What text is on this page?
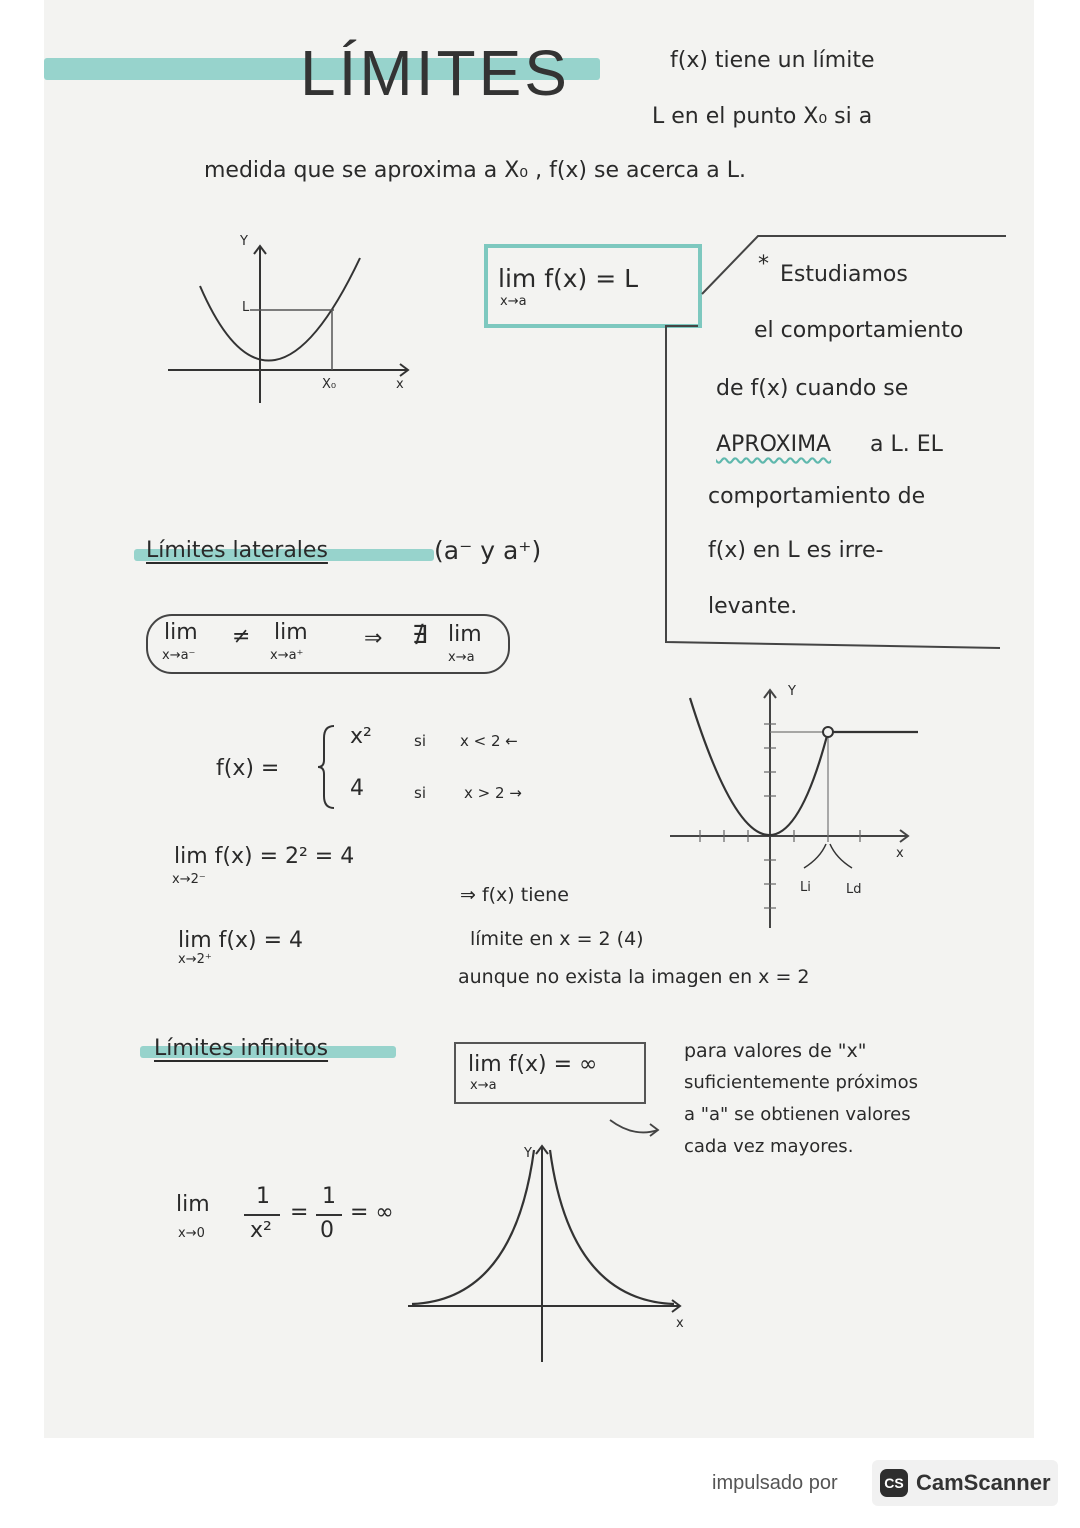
LÍMITES	f(x) tiene un límite
L en el punto X₀ si a
medida que se aproxima a X₀ , f(x) se acerca a L.
Y
L
X₀	x
lim f(x) = L
x→a
* Estudiamos
el comportamiento
de f(x) cuando se
APROXIMA a L. EL
comportamiento de
f(x) en L es irre-
levante.
Límites laterales	(a⁻ y a⁺)
lim
x→a⁻
≠ lim
x→a⁺
⇒ ∄ lim
x→a
f(x) =
x²	si x < 2 ←
4	si	x > 2 →
lim f(x) = 2² = 4
x→2⁻
lim f(x) = 4
x→2⁺
⇒ f(x) tiene
límite en x = 2 (4)
aunque no exista la imagen en x = 2
Y
x
Li	Ld
Límites infinitos
lim f(x) = ∞
x→a
para valores de "x"
suficientemente próximos
a "a" se obtienen valores
cada vez mayores.
lim
x→0
1
x²
=
1
0
= ∞
Y
x
impulsado por	CS CamScanner
